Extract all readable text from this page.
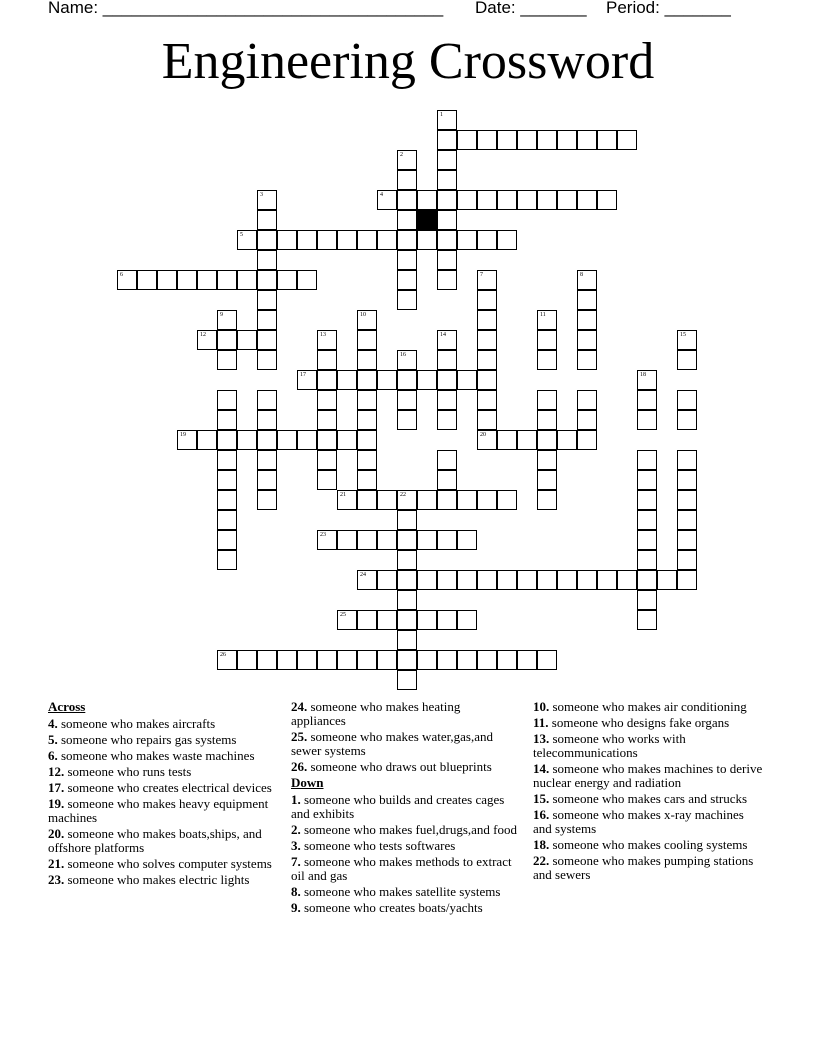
Name: ____________________________________ Date: _______ Period: _______
Engineering Crossword
5
4
6
12
17
19	20
21	22
23
24
25
26
1
2
10	11
14	15
16
18
3
7	8
9
13
Across
4. someone who makes aircrafts
5. someone who repairs gas systems
6. someone who makes waste machines
12. someone who runs tests
17. someone who creates electrical devices
19. someone who makes heavy equipment machines
20. someone who makes boats,ships, and offshore platforms
21. someone who solves computer systems
23. someone who makes electric lights
24. someone who makes heating appliances
25. someone who makes water,gas,and sewer systems
26. someone who draws out blueprints
Down
1. someone who builds and creates cages and exhibits
2. someone who makes fuel,drugs,and food
3. someone who tests softwares
7. someone who makes methods to extract oil and gas
8. someone who makes satellite systems
9. someone who creates boats/yachts
10. someone who makes air conditioning
11. someone who designs fake organs
13. someone who works with telecommunications
14. someone who makes machines to derive nuclear energy and radiation
15. someone who makes cars and strucks
16. someone who makes x-ray machines and systems
18. someone who makes cooling systems
22. someone who makes pumping stations and sewers
